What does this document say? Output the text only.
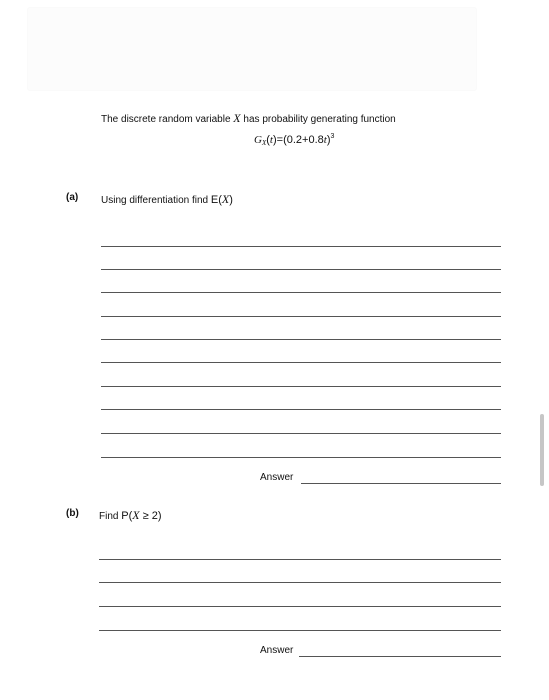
The discrete random variable X has probability generating function
$G_X(t)=(0.2+0.8t)^3$
(a) Using differentiation find E(X)
Answer
(b) Find P(X ≥ 2)
Answer
